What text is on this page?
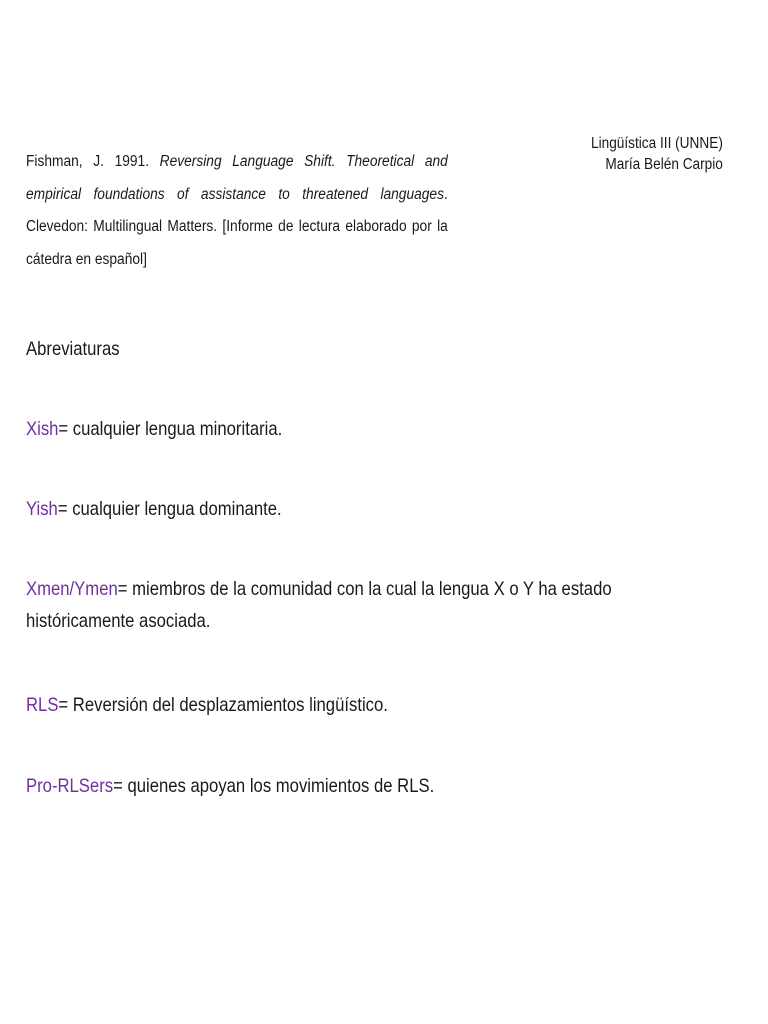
Lingüística III (UNNE)
María Belén Carpio
Fishman, J. 1991. Reversing Language Shift. Theoretical and empirical foundations of assistance to threatened languages. Clevedon: Multilingual Matters. [Informe de lectura elaborado por la cátedra en español]
Abreviaturas
Xish= cualquier lengua minoritaria.
Yish= cualquier lengua dominante.
Xmen/Ymen= miembros de la comunidad con la cual la lengua X o Y ha estado históricamente asociada.
RLS= Reversión del desplazamientos lingüístico.
Pro-RLSers= quienes apoyan los movimientos de RLS.
